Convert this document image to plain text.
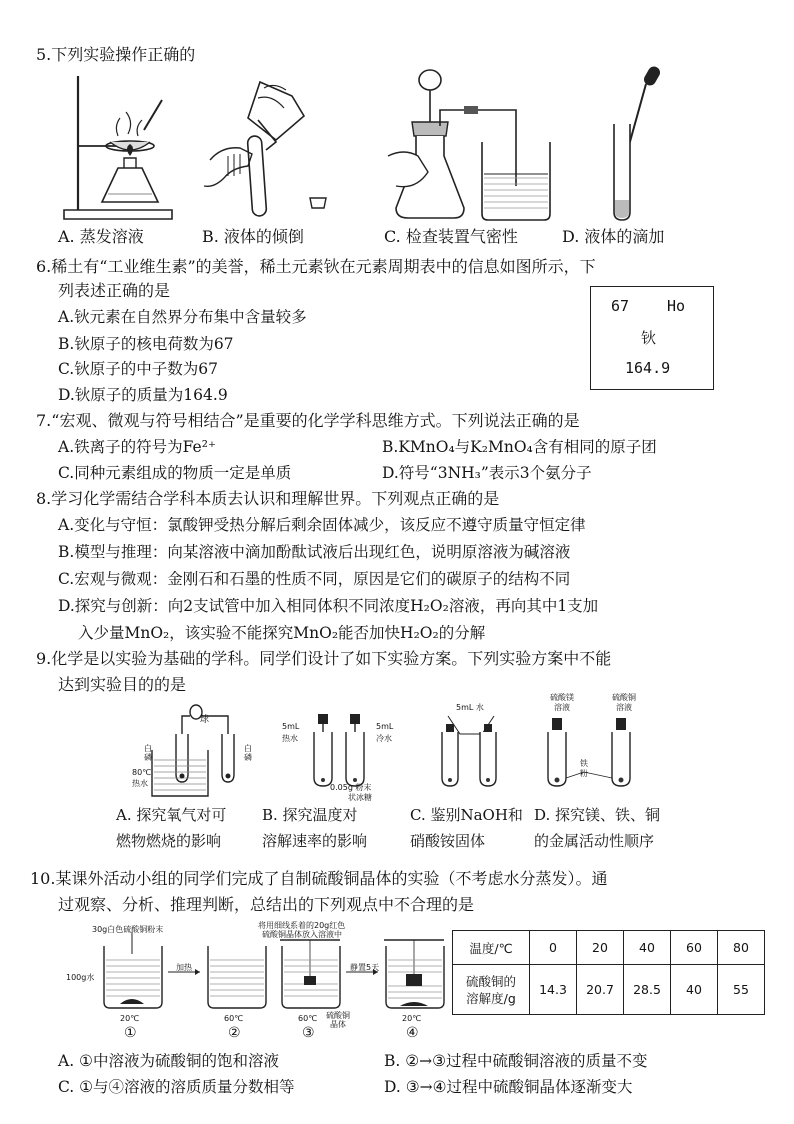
5.下列实验操作正确的
A. 蒸发溶液	B. 液体的倾倒	C. 检查装置气密性	D. 液体的滴加
6.稀土有“工业维生素”的美誉，稀土元素钬在元素周期表中的信息如图所示，下
列表述正确的是
A.钬元素在自然界分布集中含量较多
B.钬原子的核电荷数为67
C.钬原子的中子数为67
D.钬原子的质量为164.9
67	Ho
钬
164.9
7.“宏观、微观与符号相结合”是重要的化学学科思维方式。下列说法正确的是
A.铁离子的符号为Fe²⁺	B.KMnO₄与K₂MnO₄含有相同的原子团
C.同种元素组成的物质一定是单质	D.符号“3NH₃”表示3个氨分子
8.学习化学需结合学科本质去认识和理解世界。下列观点正确的是
A.变化与守恒：氯酸钾受热分解后剩余固体减少，该反应不遵守质量守恒定律
B.模型与推理：向某溶液中滴加酚酞试液后出现红色，说明原溶液为碱溶液
C.宏观与微观：金刚石和石墨的性质不同，原因是它们的碳原子的结构不同
D.探究与创新：向2支试管中加入相同体积不同浓度H₂O₂溶液，再向其中1支加
入少量MnO₂，该实验不能探究MnO₂能否加快H₂O₂的分解
9.化学是以实验为基础的学科。同学们设计了如下实验方案。下列实验方案中不能
达到实验目的的是
球
白磷
80℃
热水
白磷
5mL
热水
5mL
冷水
0.05g 粉末
状冰糖
5mL 水
硫酸镁
溶液
硫酸铜
溶液
铁
粉
A. 探究氧气对可 B. 探究温度对	C. 鉴别NaOH和 D. 探究镁、铁、铜
燃物燃烧的影响	溶解速率的影响	硝酸铵固体	的金属活动性顺序
10.某课外活动小组的同学们完成了自制硫酸铜晶体的实验（不考虑水分蒸发）。通
过观察、分析、推理判断，总结出的下列观点中不合理的是
30g白色硫酸铜粉末
100g水
加热
将用细线系着的20g红色
硫酸铜晶体放入溶液中
静置5天
硫酸铜
晶体
20℃	60℃	60℃	20℃
①	②	③	④
温度/℃	0	20	40	60	80

硫酸铜的
溶解度/g	14.3	20.7	28.5	40	55
A. ①中溶液为硫酸铜的饱和溶液	B. ②→③过程中硫酸铜溶液的质量不变
C. ①与④溶液的溶质质量分数相等	D. ③→④过程中硫酸铜晶体逐渐变大
